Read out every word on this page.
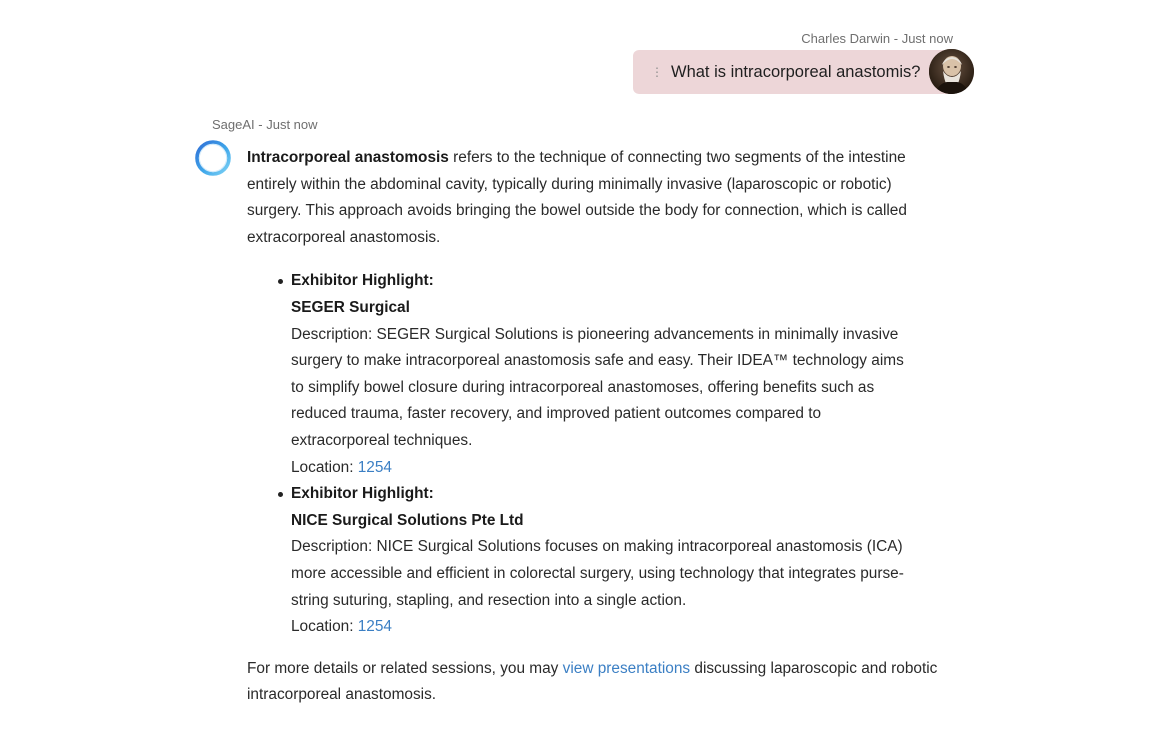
Charles Darwin - Just now
⋮ What is intracorporeal anastomis?
SageAI - Just now

Intracorporeal anastomosis refers to the technique of connecting two segments of the intestine entirely within the abdominal cavity, typically during minimally invasive (laparoscopic or robotic) surgery. This approach avoids bringing the bowel outside the body for connection, which is called extracorporeal anastomosis.

Exhibitor Highlight:
SEGER Surgical
Description: SEGER Surgical Solutions is pioneering advancements in minimally invasive surgery to make intracorporeal anastomosis safe and easy. Their IDEA™ technology aims to simplify bowel closure during intracorporeal anastomoses, offering benefits such as reduced trauma, faster recovery, and improved patient outcomes compared to extracorporeal techniques.
Location: 1254
Exhibitor Highlight:
NICE Surgical Solutions Pte Ltd
Description: NICE Surgical Solutions focuses on making intracorporeal anastomosis (ICA) more accessible and efficient in colorectal surgery, using technology that integrates purse-string suturing, stapling, and resection into a single action.
Location: 1254

For more details or related sessions, you may view presentations discussing laparoscopic and robotic intracorporeal anastomosis.
